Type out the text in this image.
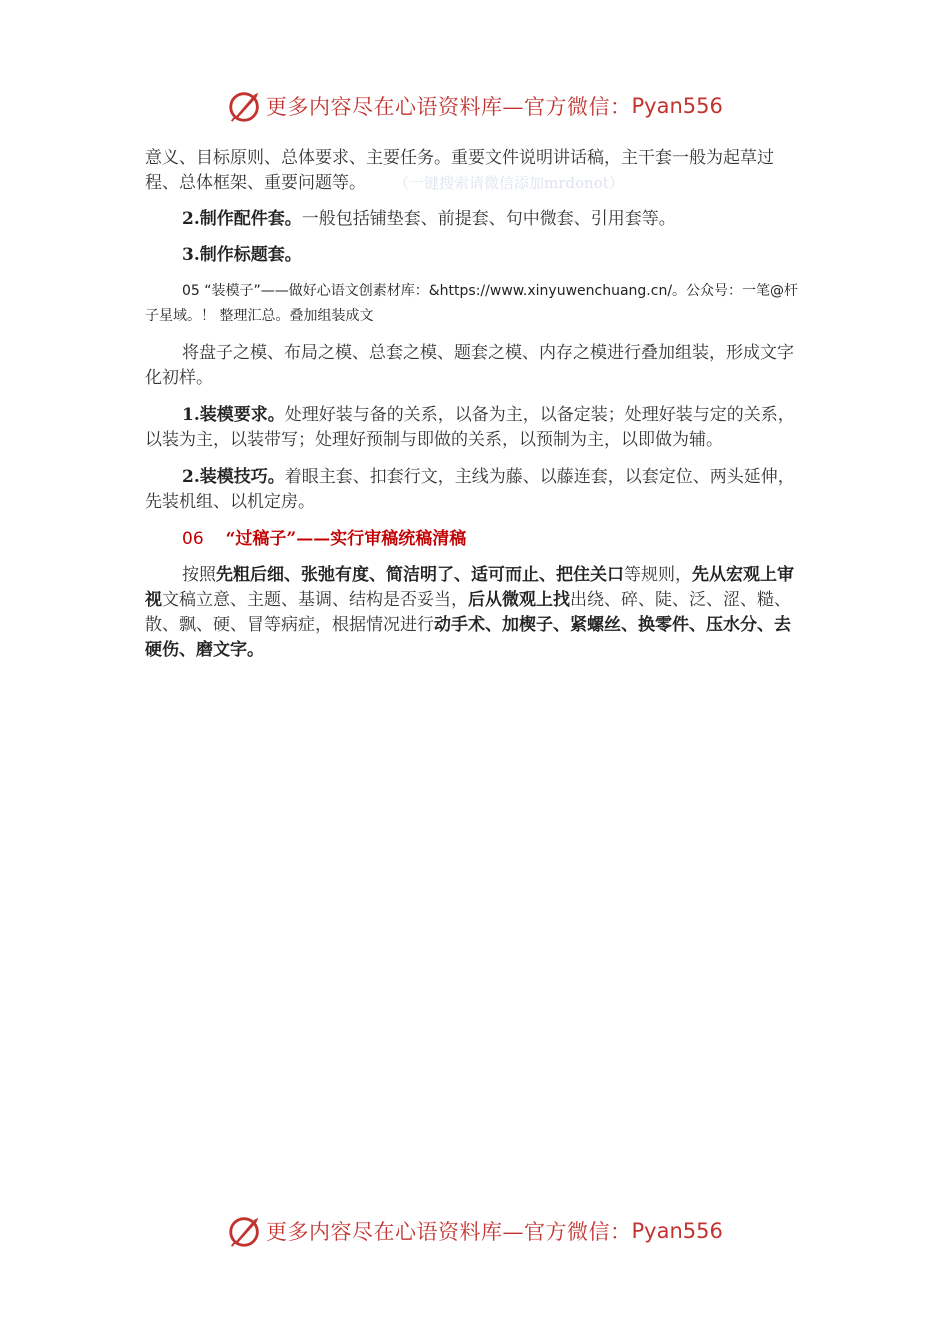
更多内容尽在心语资料库—官方微信： Pyan556

意义、目标原则、总体要求、主要任务。重要文件说明讲话稿，主干套一般为起草过程、总体框架、重要问题等。 （一键搜索请微信添加mrdonot）

2.制作配件套。一般包括铺垫套、前提套、句中微套、引用套等。

3.制作标题套。

05 “装模子”——做好心语文创素材库：&https://www.xinyuwenchuang.cn/。公众号：一笔@杆子星域。！ 整理汇总。叠加组装成文

将盘子之模、布局之模、总套之模、题套之模、内存之模进行叠加组装，形成文字化初样。

1.装模要求。处理好装与备的关系，以备为主，以备定装；处理好装与定的关系，以装为主，以装带写；处理好预制与即做的关系，以预制为主，以即做为辅。

2.装模技巧。着眼主套、扣套行文，主线为藤、以藤连套，以套定位、两头延伸，先装机组、以机定房。

06 “过稿子”——实行审稿统稿清稿

按照先粗后细、张弛有度、简洁明了、适可而止、把住关口等规则，先从宏观上审视文稿立意、主题、基调、结构是否妥当，后从微观上找出绕、碎、陡、泛、涩、糙、散、飘、硬、冒等病症，根据情况进行动手术、加楔子、紧螺丝、换零件、压水分、去硬伤、磨文字。

更多内容尽在心语资料库—官方微信： Pyan556
